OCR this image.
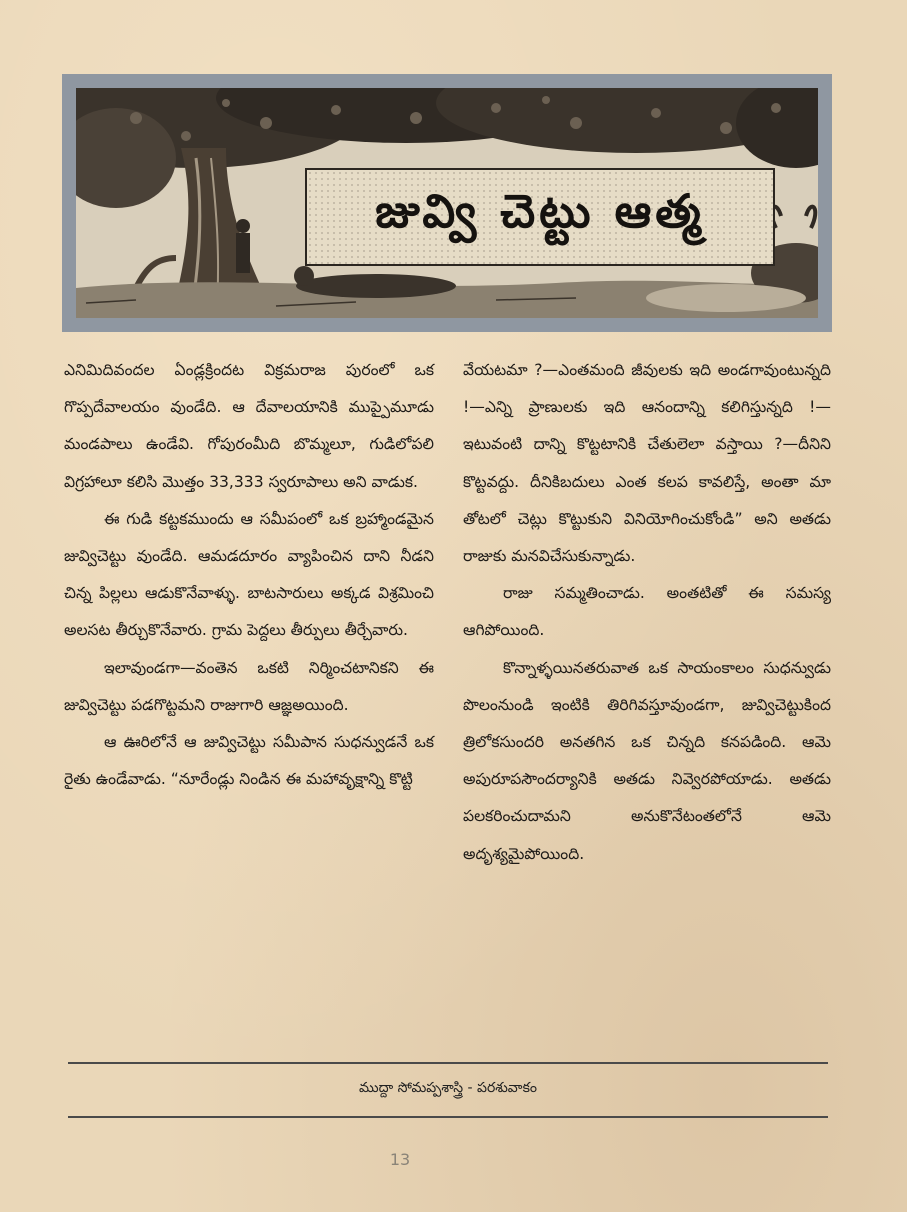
జువ్వి చెట్టు ఆత్మ

ఎనిమిదివందల ఏండ్లక్రిందట విక్రమరాజ పురంలో ఒక గొప్పదేవాలయం వుండేది. ఆ దేవాలయానికి ముప్పైమూడు మండపాలు ఉండేవి. గోపురంమీది బొమ్మలూ, గుడిలోపలి విగ్రహాలూ కలిసి మొత్తం 33,333 స్వరూపాలు అని వాడుక.

ఈ గుడి కట్టకముందు ఆ సమీపంలో ఒక బ్రహ్మాండమైన జువ్విచెట్టు వుండేది. ఆమడదూరం వ్యాపించిన దాని నీడని చిన్న పిల్లలు ఆడుకొనేవాళ్ళు. బాటసారులు అక్కడ విశ్రమించి అలసట తీర్చుకొనేవారు. గ్రామ పెద్దలు తీర్పులు తీర్చేవారు.

ఇలావుండగా—వంతెన ఒకటి నిర్మించటానికని ఈ జువ్విచెట్టు పడగొట్టమని రాజుగారి ఆజ్ఞఅయింది.

ఆ ఊరిలోనే ఆ జువ్విచెట్టు సమీపాన సుధన్వుడనే ఒక రైతు ఉండేవాడు. “నూరేండ్లు నిండిన ఈ మహావృక్షాన్ని కొట్టి

వేయటమా ?—ఎంతమంది జీవులకు ఇది అండగావుంటున్నది !—ఎన్ని ప్రాణులకు ఇది ఆనందాన్ని కలిగిస్తున్నది !—ఇటువంటి దాన్ని కొట్టటానికి చేతులెలా వస్తాయి ?—దీనిని కొట్టవద్దు. దీనికిబదులు ఎంత కలప కావలిస్తే, అంతా మా తోటలో చెట్లు కొట్టుకుని వినియోగించుకోండి” అని అతడు రాజుకు మనవిచేసుకున్నాడు.

రాజు సమ్మతించాడు. అంతటితో ఈ సమస్య ఆగిపోయింది.

కొన్నాళ్ళయినతరువాత ఒక సాయంకాలం సుధన్వుడు పొలంనుండి ఇంటికి తిరిగివస్తూవుండగా, జువ్విచెట్టుకింద త్రిలోకసుందరి అనతగిన ఒక చిన్నది కనపడింది. ఆమె అపురూపసౌందర్యానికి అతడు నివ్వెరపోయాడు. అతడు పలకరించుదామని అనుకొనేటంతలోనే ఆమె అదృశ్యమైపోయింది.

ముద్దా సోమప్పశాస్త్రి - పరశువాకం
13
